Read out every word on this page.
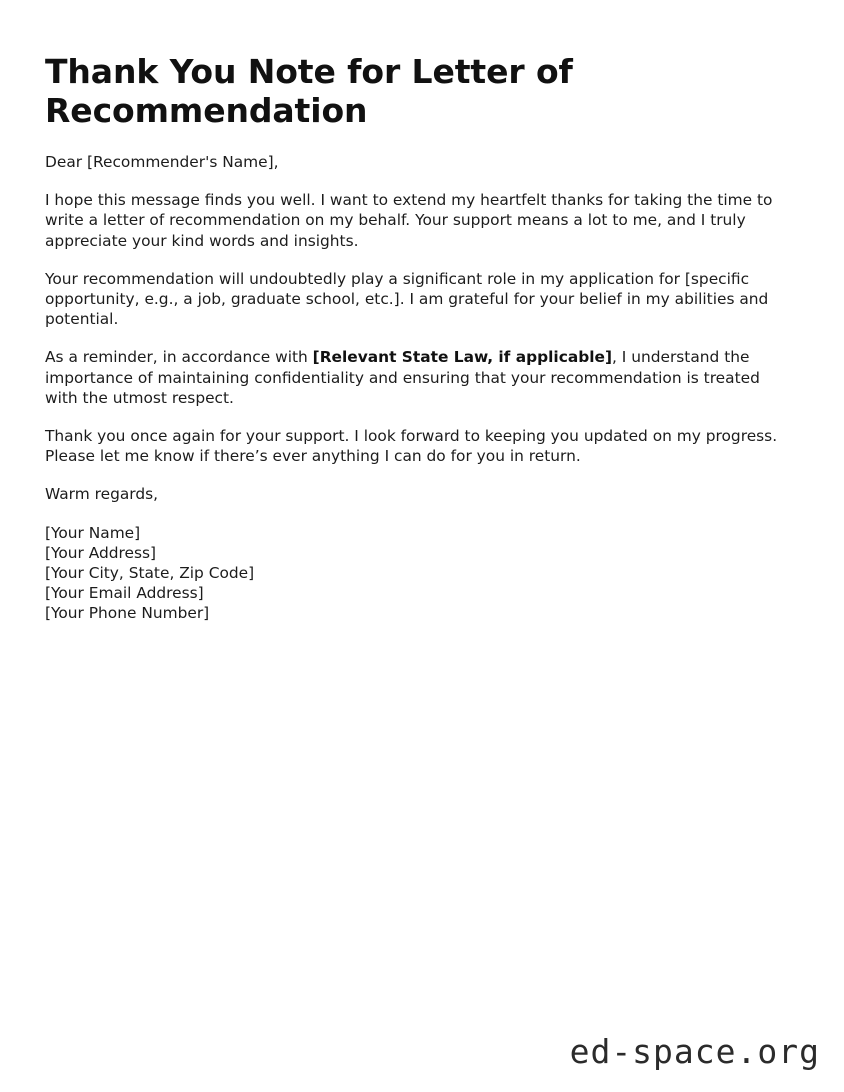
Thank You Note for Letter of Recommendation

Dear [Recommender's Name],

I hope this message finds you well. I want to extend my heartfelt thanks for taking the time to write a letter of recommendation on my behalf. Your support means a lot to me, and I truly appreciate your kind words and insights.

Your recommendation will undoubtedly play a significant role in my application for [specific opportunity, e.g., a job, graduate school, etc.]. I am grateful for your belief in my abilities and potential.

As a reminder, in accordance with [Relevant State Law, if applicable], I understand the importance of maintaining confidentiality and ensuring that your recommendation is treated with the utmost respect.

Thank you once again for your support. I look forward to keeping you updated on my progress. Please let me know if there’s ever anything I can do for you in return.

Warm regards,

[Your Name]
[Your Address]
[Your City, State, Zip Code]
[Your Email Address]
[Your Phone Number]
ed-space.org
